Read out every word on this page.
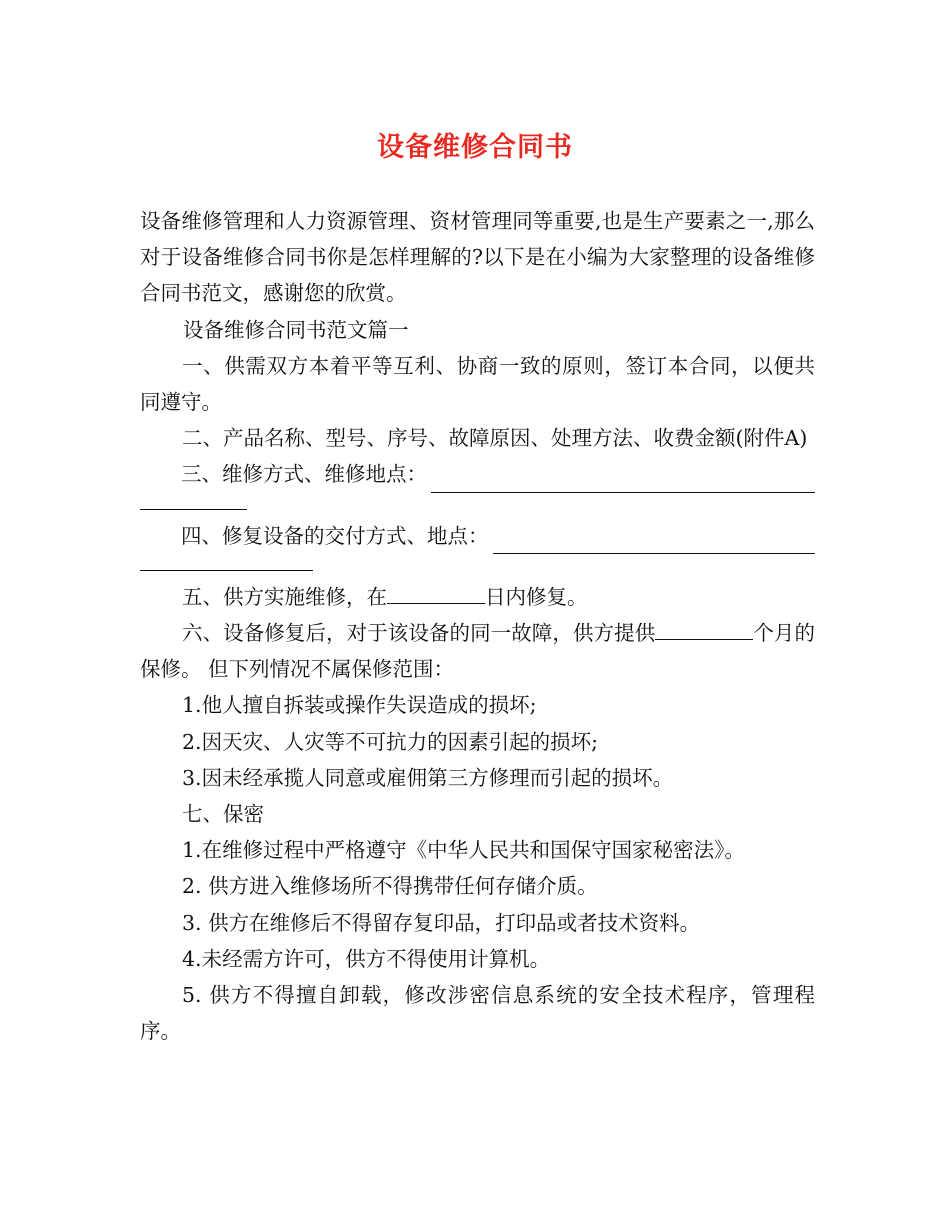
设备维修合同书

设备维修管理和人力资源管理、资材管理同等重要,也是生产要素之一,那么对于设备维修合同书你是怎样理解的?以下是在小编为大家整理的设备维修合同书范文，感谢您的欣赏。

设备维修合同书范文篇一

一、供需双方本着平等互利、协商一致的原则，签订本合同，以便共同遵守。

二、产品名称、型号、序号、故障原因、处理方法、收费金额(附件A)

三、维修方式、维修地点：
四、修复设备的交付方式、地点：

五、供方实施维修，在	日内修复。

六、设备修复后，对于该设备的同一故障，供方提供	个月的保修。 但下列情况不属保修范围：

1.他人擅自拆装或操作失误造成的损坏;

2.因天灾、人灾等不可抗力的因素引起的损坏;

3.因未经承揽人同意或雇佣第三方修理而引起的损坏。

七、保密

1.在维修过程中严格遵守《中华人民共和国保守国家秘密法》。

2. 供方进入维修场所不得携带任何存储介质。

3. 供方在维修后不得留存复印品，打印品或者技术资料。

4.未经需方许可，供方不得使用计算机。

5. 供方不得擅自卸载，修改涉密信息系统的安全技术程序，管理程序。
